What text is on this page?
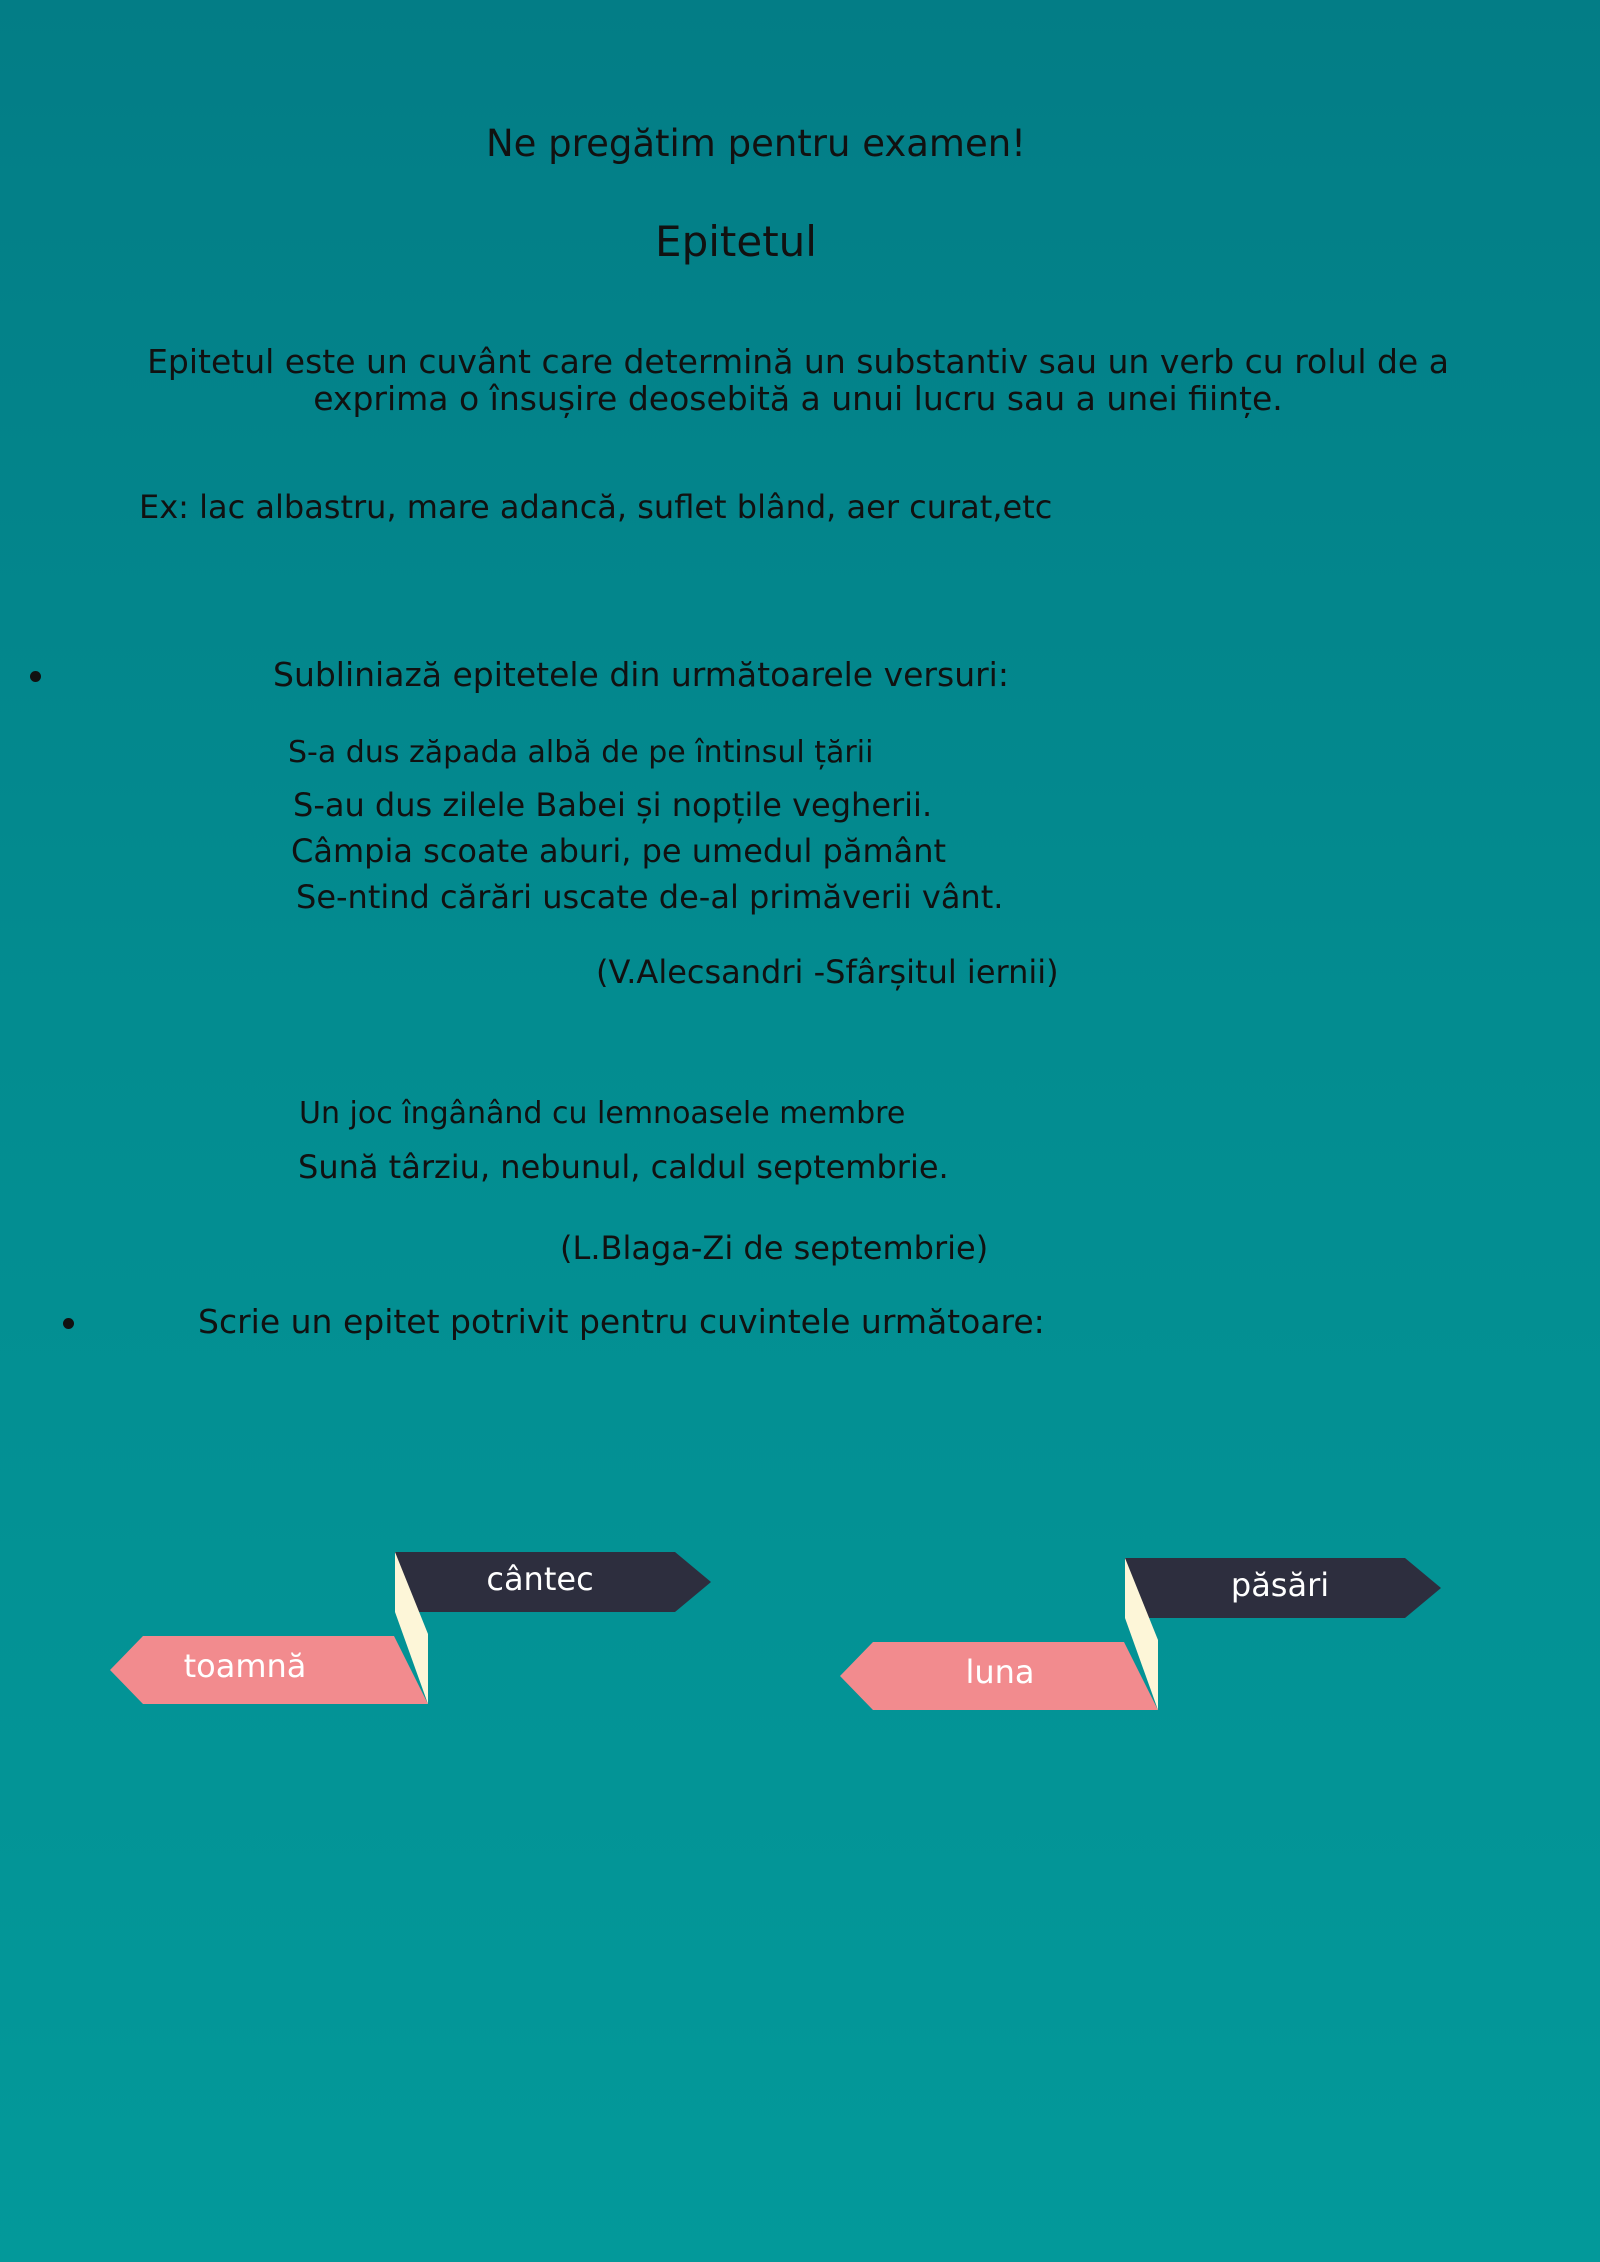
Ne pregătim pentru examen!
Epitetul
Epitetul este un cuvânt care determină un substantiv sau un verb cu rolul de a
exprima o însușire deosebită a unui lucru sau a unei ființe.
Ex: lac albastru, mare adancă, suflet blând, aer curat,etc
Subliniază epitetele din următoarele versuri:
S-a dus zăpada albă de pe întinsul țării
S-au dus zilele Babei și nopțile vegherii.
Câmpia scoate aburi, pe umedul pământ
Se-ntind cărări uscate de-al primăverii vânt.
(V.Alecsandri -Sfârșitul iernii)
Un joc îngânând cu lemnoasele membre
Sună târziu, nebunul, caldul septembrie.
(L.Blaga-Zi de septembrie)
Scrie un epitet potrivit pentru cuvintele următoare:
cântec
toamnă
păsări
luna
